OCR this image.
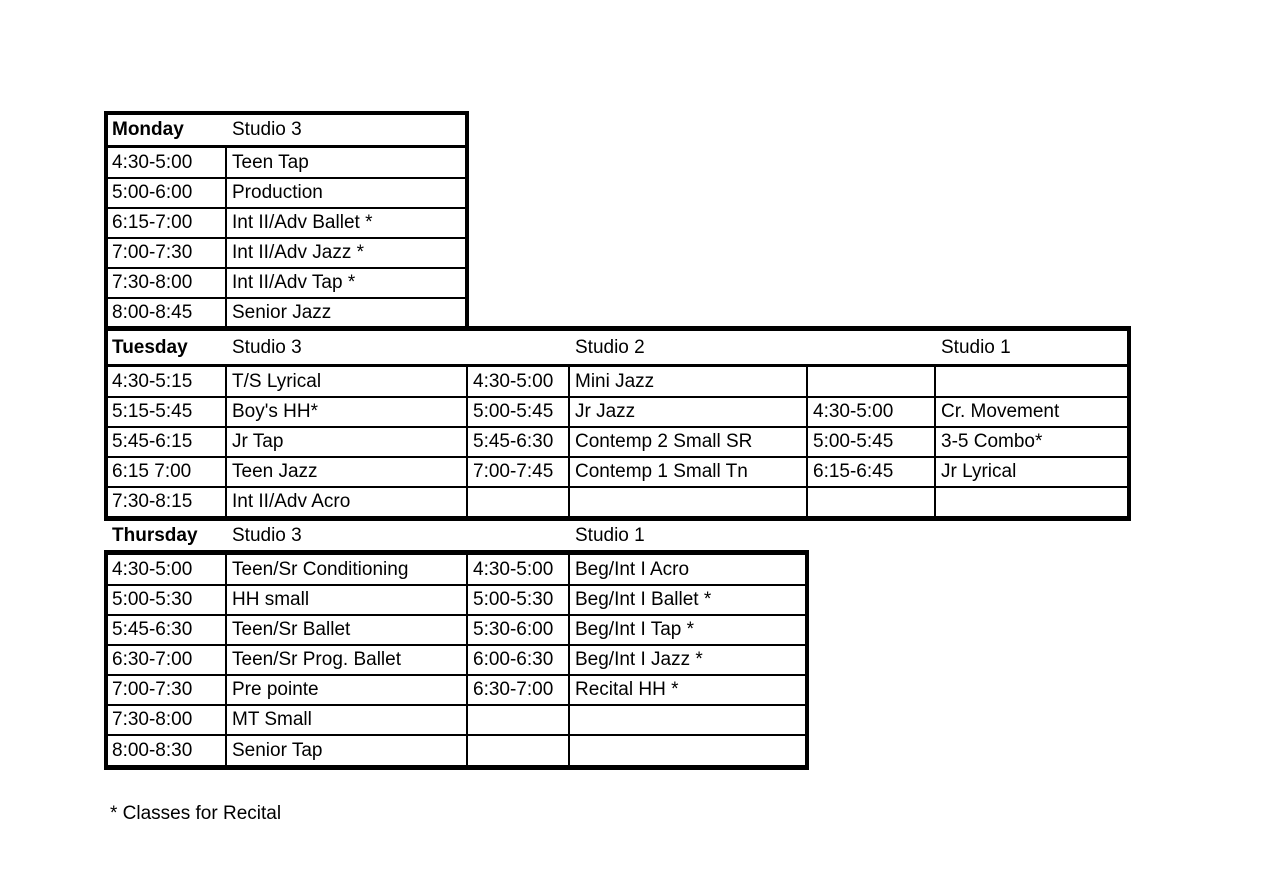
Monday	Studio 3
4:30-5:00	Teen Tap
5:00-6:00	Production
6:15-7:00	Int II/Adv Ballet *
7:00-7:30	Int II/Adv Jazz *
7:30-8:00	Int II/Adv Tap *
8:00-8:45	Senior Jazz
Tuesday	Studio 3	Studio 2	Studio 1
4:30-5:15	T/S Lyrical	4:30-5:00	Mini Jazz
5:15-5:45	Boy's HH*	5:00-5:45	Jr Jazz	4:30-5:00	Cr. Movement
5:45-6:15	Jr Tap	5:45-6:30	Contemp 2 Small SR	5:00-5:45	3-5 Combo*
6:15 7:00	Teen Jazz	7:00-7:45	Contemp 1 Small Tn	6:15-6:45	Jr Lyrical
7:30-8:15	Int II/Adv Acro
Thursday	Studio 3	Studio 1
4:30-5:00	Teen/Sr Conditioning	4:30-5:00	Beg/Int I Acro
5:00-5:30	HH small	5:00-5:30	Beg/Int I Ballet *
5:45-6:30	Teen/Sr Ballet	5:30-6:00	Beg/Int I Tap *
6:30-7:00	Teen/Sr Prog. Ballet	6:00-6:30	Beg/Int I Jazz *
7:00-7:30	Pre pointe	6:30-7:00	Recital HH *
7:30-8:00	MT Small
8:00-8:30	Senior Tap
* Classes for Recital
